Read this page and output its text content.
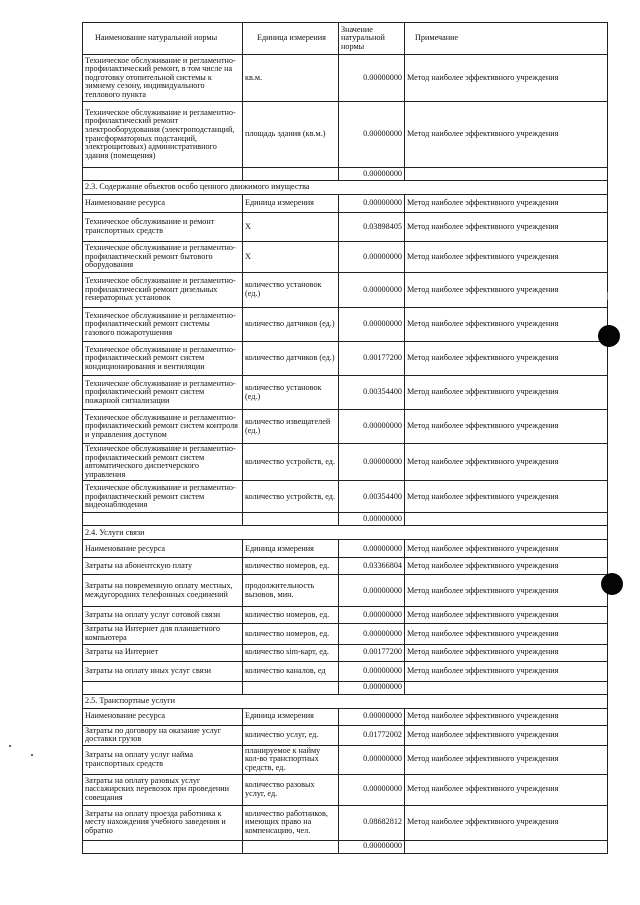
Наименование натуральной нормы	Единица измерения	Значение натуральной нормы	Примечание
Техническое обслуживание и регламентно-профилактический ремонт, в том числе на подготовку отопительной системы к зимнему сезону, индивидуального теплового пункта	кв.м.	0.00000000	Метод наиболее эффективного учреждения
Техническое обслуживание и регламентно-профилактический ремонт электрооборудования (электроподстанций, трансформаторных подстанций, электрощитовых) административного здания (помещения)	площадь здания (кв.м.)	0.00000000	Метод наиболее эффективного учреждения
		0.00000000	
2.3. Содержание объектов особо ценного движимого имущества			
Наименование ресурса	Единица измерения	0.00000000	Метод наиболее эффективного учреждения
Техническое обслуживание и ремонт транспортных средств	X	0.03898405	Метод наиболее эффективного учреждения
Техническое обслуживание и регламентно-профилактический ремонт бытового оборудования	X	0.00000000	Метод наиболее эффективного учреждения
Техническое обслуживание и регламентно-профилактический ремонт дизельных генераторных установок	количество установок (ед.)	0.00000000	Метод наиболее эффективного учреждения
Техническое обслуживание и регламентно-профилактический ремонт системы газового пожаротушения	количество датчиков (ед.)	0.00000000	Метод наиболее эффективного учреждения
Техническое обслуживание и регламентно-профилактический ремонт систем кондиционирования и вентиляции	количество датчиков (ед.)	0.00177200	Метод наиболее эффективного учреждения
Техническое обслуживание и регламентно-профилактический ремонт систем пожарной сигнализации	количество установок (ед.)	0.00354400	Метод наиболее эффективного учреждения
Техническое обслуживание и регламентно-профилактический ремонт систем контроля и управления доступом	количество извещателей (ед.)	0.00000000	Метод наиболее эффективного учреждения
Техническое обслуживание и регламентно-профилактический ремонт систем автоматического диспетчерского управления	количество устройств, ед.	0.00000000	Метод наиболее эффективного учреждения
Техническое обслуживание и регламентно-профилактический ремонт систем видеонаблюдения	количество устройств, ед.	0.00354400	Метод наиболее эффективного учреждения
		0.00000000	
2.4. Услуги связи			
Наименование ресурса	Единица измерения	0.00000000	Метод наиболее эффективного учреждения
Затраты на абонентскую плату	количество номеров, ед.	0.03366804	Метод наиболее эффективного учреждения
Затраты на повременную оплату местных, междугородних телефонных соединений	продолжительность вызовов, мин.	0.00000000	Метод наиболее эффективного учреждения
Затраты на оплату услуг сотовой связи	количество номеров, ед.	0.00000000	Метод наиболее эффективного учреждения
Затраты на Интернет для планшетного компьютера	количество номеров, ед.	0.00000000	Метод наиболее эффективного учреждения
Затраты на Интернет	количество sim-карт, ед.	0.00177200	Метод наиболее эффективного учреждения
Затраты на оплату иных услуг связи	количество каналов, ед	0.00000000	Метод наиболее эффективного учреждения
		0.00000000	
2.5. Транспортные услуги			
Наименование ресурса	Единица измерения	0.00000000	Метод наиболее эффективного учреждения
Затраты по договору на оказание услуг доставки грузов	количество услуг, ед.	0.01772002	Метод наиболее эффективного учреждения
Затраты на оплату услуг найма транспортных средств	планируемое к найму кол-во транспортных средств, ед.	0.00000000	Метод наиболее эффективного учреждения
Затраты на оплату разовых услуг пассажирских перевозок при проведении совещания	количество разовых услуг, ед.	0.00000000	Метод наиболее эффективного учреждения
Затраты на оплату проезда работника к месту нахождения учебного заведения и обратно	количество работников, имеющих право на компенсацию, чел.	0.08682812	Метод наиболее эффективного учреждения
		0.00000000	
